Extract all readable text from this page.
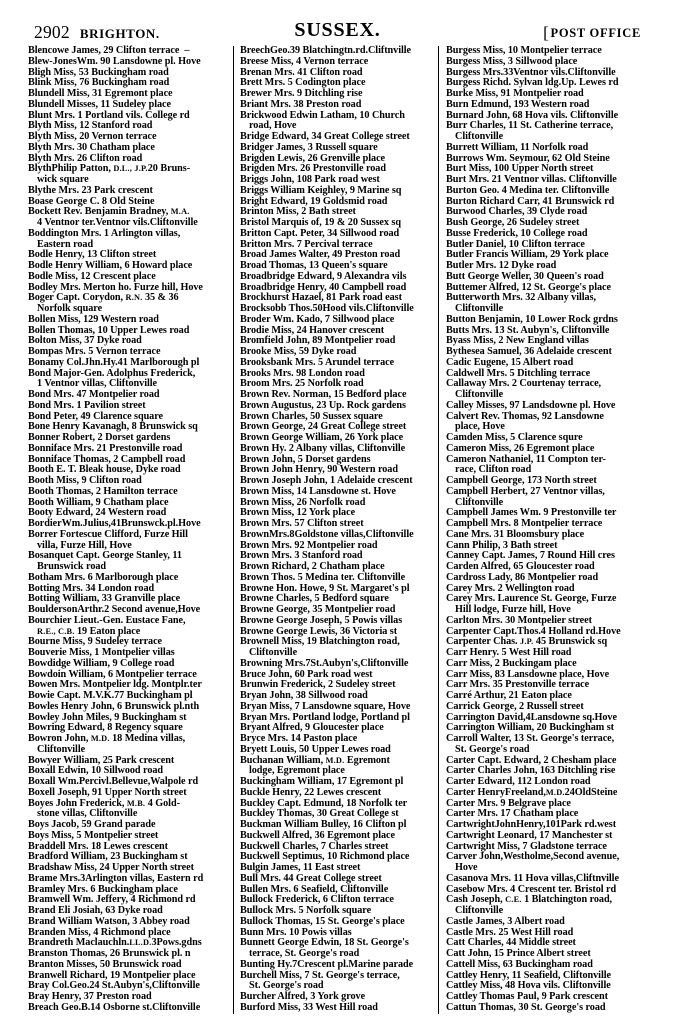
2902 BRIGHTON.	SUSSEX.	[POST OFFICE

Blencowe James, 29 Clifton terrace  –

Blew-JonesWm. 90 Lansdowne pl. Hove

Bligh Miss, 53 Buckingham road

Blink Miss, 76 Buckingham road

Blundell Miss, 31 Egremont place

Blundell Misses, 11 Sudeley place

Blunt Mrs. 1 Portland vils. College rd

Blyth Miss, 12 Stanford road

Blyth Miss, 20 Vernon terrace

Blyth Mrs. 30 Chatham place

Blyth Mrs. 26 Clifton road

BlythPhilip Patton, D.L., J.P.20 Bruns-
wick square

Blythe Mrs. 23 Park crescent

Boase George C. 8 Old Steine

Bockett Rev. Benjamin Bradney, M.A.
4 Ventnor ter.Ventnor vils.Cliftonville

Boddington Mrs. 1 Arlington villas,
Eastern road

Bodle Henry, 13 Clifton street

Bodle Henry William, 6 Howard place

Bodle Miss, 12 Crescent place

Bodley Mrs. Merton ho. Furze hill, Hove

Boger Capt. Corydon, R.N. 35 & 36
Norfolk square

Bollen Miss, 129 Western road

Bollen Thomas, 10 Upper Lewes road

Bolton Miss, 37 Dyke road

Bompas Mrs. 5 Vernon terrace

Bonamy Col.Jhn.Hy.41 Marlborough pl

Bond Major-Gen. Adolphus Frederick,
1 Ventnor villas, Cliftonville

Bond Mrs. 47 Montpelier road

Bond Mrs. 1 Pavilion street

Bond Peter, 49 Clarence square

Bone Henry Kavanagh, 8 Brunswick sq

Bonner Robert, 2 Dorset gardens

Bonniface Mrs. 21 Prestonville road

Bonniface Thomas, 2 Campbell road

Booth E. T. Bleak house, Dyke road

Booth Miss, 9 Clifton road

Booth Thomas, 2 Hamilton terrace

Booth William, 9 Chatham place

Booty Edward, 24 Western road

BordierWm.Julius,41Brunswck.pl.Hove

Borrer Fortescue Clifford, Furze Hill
villa, Furze Hill, Hove

Bosanquet Capt. George Stanley, 11
Brunswick road

Botham Mrs. 6 Marlborough place

Botting Mrs. 34 London road

Botting William, 33 Granville place

BouldersonArthr.2 Second avenue,Hove

Bourchier Lieut.-Gen. Eustace Fane,
R.E., C.B. 19 Eaton place

Bourne Miss, 9 Sudeley terrace

Bouverie Miss, 1 Montpelier villas

Bowdidge William, 9 College road

Bowdoin William, 6 Montpelier terrace

Bowen Mrs. Montpelier ldg. Montplr.ter

Bowie Capt. M.V.K.77 Buckingham pl

Bowles Henry John, 6 Brunswick pl.nth

Bowley John Miles, 9 Buckingham st

Bowring Edward, 8 Regency square

Bowron John, M.D. 18 Medina villas,
Cliftonville

Bowyer William, 25 Park crescent

Boxall Edwin, 10 Sillwood road

Boxall Wm.Percivl.Bellevue,Walpole rd

Boxell Joseph, 91 Upper North street

Boyes John Frederick, M.B. 4 Gold-
stone villas, Cliftonville

Boys Jacob, 59 Grand parade

Boys Miss, 5 Montpelier street

Braddell Mrs. 18 Lewes crescent

Bradford William, 23 Buckingham st

Bradshaw Miss, 24 Upper North street

Brame Mrs.3Arlington villas, Eastern rd

Bramley Mrs. 6 Buckingham place

Bramwell Wm. Jeffery, 4 Richmond rd

Brand Eli Josiah, 63 Dyke road

Brand William Watson, 3 Abbey road

Branden Miss, 4 Richmond place

Brandreth Maclauchln.LL.D.3Pows.gdns

Branston Thomas, 26 Brunswick pl. n

Branton Misses, 50 Brunswick road

Branwell Richard, 19 Montpelier place

Bray Col.Geo.24 St.Aubyn's,Cliftonville

Bray Henry, 37 Preston road

Breach Geo.B.14 Osborne st.Cliftonville

BreechGeo.39 Blatchingtn.rd.Cliftnville

Breese Miss, 4 Vernon terrace

Brenan Mrs. 41 Clifton road

Brett Mrs. 5 Codington place

Brewer Mrs. 9 Ditchling rise

Briant Mrs. 38 Preston road

Brickwood Edwin Latham, 10 Church
road, Hove

Bridge Edward, 34 Great College street

Bridger James, 3 Russell square

Brigden Lewis, 26 Grenville place

Brigden Mrs. 26 Prestonville road

Briggs John, 108 Park road west

Briggs William Keighley, 9 Marine sq

Bright Edward, 19 Goldsmid road

Brinton Miss, 2 Bath street

Bristol Marquis of, 19 & 20 Sussex sq

Britton Capt. Peter, 34 Sillwood road

Britton Mrs. 7 Percival terrace

Broad James Walter, 49 Preston road

Broad Thomas, 13 Queen's square

Broadbridge Edward, 9 Alexandra vils

Broadbridge Henry, 40 Campbell road

Brockhurst Hazael, 81 Park road east

Brocksobb Thos.50Hood vils.Cliftonville

Broder Wm. Kado, 7 Sillwood place

Brodie Miss, 24 Hanover crescent

Bromfield John, 89 Montpelier road

Brooke Miss, 59 Dyke road

Brooksbank Mrs. 5 Arundel terrace

Brooks Mrs. 98 London road

Broom Mrs. 25 Norfolk road

Brown Rev. Norman, 15 Bedford place

Brown Augustus, 23 Up. Rock gardens

Brown Charles, 50 Sussex square

Brown George, 24 Great College street

Brown George William, 26 York place

Brown Hy. 2 Albany villas, Cliftonville

Brown John, 5 Dorset gardens

Brown John Henry, 90 Western road

Brown Joseph John, 1 Adelaide crescent

Brown Miss, 14 Lansdowne st. Hove

Brown Miss, 26 Norfolk road

Brown Miss, 12 York place

Brown Mrs. 57 Clifton street

BrownMrs.8Goldstone villas,Cliftonville

Brown Mrs. 92 Montpelier road

Brown Mrs. 3 Stanford road

Brown Richard, 2 Chatham place

Brown Thos. 5 Medina ter. Cliftonville

Browne Hon. Howe, 9 St. Margaret's pl

Browne Charles, 5 Bedford square

Browne George, 35 Montpelier road

Browne George Joseph, 5 Powis villas

Browne George Lewis, 36 Victoria st

Brownell Miss, 19 Blatchington road,
Cliftonville

Browning Mrs.7St.Aubyn's,Cliftonville

Bruce John, 60 Park road west

Brunwin Frederick, 2 Sudeley street

Bryan John, 38 Sillwood road

Bryan Miss, 7 Lansdowne square, Hove

Bryan Mrs. Portland lodge, Portland pl

Bryant Alfred, 9 Gloucester place

Bryce Mrs. 14 Paston place

Bryett Louis, 50 Upper Lewes road

Buchanan William, M.D. Egremont
lodge, Egremont place

Buckingham William, 17 Egremont pl

Buckle Henry, 22 Lewes crescent

Buckley Capt. Edmund, 18 Norfolk ter

Buckley Thomas, 30 Great College st

Buckman William Bulley, 16 Clifton pl

Buckwell Alfred, 36 Egremont place

Buckwell Charles, 7 Charles street

Buckwell Septimus, 10 Richmond place

Bulgin James, 11 East street

Bull Mrs. 44 Great College street

Bullen Mrs. 6 Seafield, Cliftonville

Bullock Frederick, 6 Clifton terrace

Bullock Mrs. 5 Norfolk square

Bullock Thomas, 15 St. George's place

Bunn Mrs. 10 Powis villas

Bunnett George Edwin, 18 St. George's
terrace, St. George's road

Bunting Hy.7Crescent pl.Marine parade

Burchell Miss, 7 St. George's terrace,
St. George's road

Burcher Alfred, 3 York grove

Burford Miss, 33 West Hill road

Burgess Miss, 10 Montpelier terrace

Burgess Miss, 3 Sillwood place

Burgess Mrs.33Ventnor vils.Cliftonville

Burgess Richd. Sylvan ldg.Up. Lewes rd

Burke Miss, 91 Montpelier road

Burn Edmund, 193 Western road

Burnard John, 68 Hova vils. Cliftonville

Burr Charles, 11 St. Catherine terrace,
Cliftonville

Burrett William, 11 Norfolk road

Burrows Wm. Seymour, 62 Old Steine

Burt Miss, 100 Upper North street

Burt Mrs. 21 Ventnor villas. Cliftonville

Burton Geo. 4 Medina ter. Cliftonville

Burton Richard Carr, 41 Brunswick rd

Burwood Charles, 39 Clyde road

Bush George, 26 Sudeley street

Busse Frederick, 10 College road

Butler Daniel, 10 Clifton terrace

Butler Francis William, 29 York place

Butler Mrs. 12 Dyke road

Butt George Weller, 30 Queen's road

Buttemer Alfred, 12 St. George's place

Butterworth Mrs. 32 Albany villas,
Cliftonville

Button Benjamin, 10 Lower Rock grdns

Butts Mrs. 13 St. Aubyn's, Cliftonville

Byass Miss, 2 New England villas

Bythesea Samuel, 36 Adelaide crescent

Cadic Eugene, 15 Albert road

Caldwell Mrs. 5 Ditchling terrace

Callaway Mrs. 2 Courtenay terrace,
Cliftonville

Calley Misses, 97 Landsdowne pl. Hove

Calvert Rev. Thomas, 92 Lansdowne
place, Hove

Camden Miss, 5 Clarence squre

Cameron Miss, 26 Egremont place

Cameron Nathaniel, 11 Compton ter-
race, Clifton road

Campbell George, 173 North street

Campbell Herbert, 27 Ventnor villas,
Cliftonville

Campbell James Wm. 9 Prestonville ter

Campbell Mrs. 8 Montpelier terrace

Cane Mrs. 31 Bloomsbury place

Cann Philip, 3 Bath street

Canney Capt. James, 7 Round Hill cres

Carden Alfred, 65 Gloucester road

Cardross Lady, 86 Montpelier road

Carey Mrs. 2 Wellington road

Carey Mrs. Laurence St. George, Furze
Hill lodge, Furze hill, Hove

Carlton Mrs. 30 Montpelier street

Carpenter Capt.Thos.4 Holland rd.Hove

Carpenter Chas. J.P. 45 Brunswick sq

Carr Henry. 5 West Hill road

Carr Miss, 2 Buckingam place

Carr Miss, 83 Lansdowne place, Hove

Carr Mrs. 35 Prestonville terrace

Carré Arthur, 21 Eaton place

Carrick George, 2 Russell street

Carrington David,4Lansdowne sq.Hove

Carrington William, 20 Buckingham st

Carroll Walter, 13 St. George's terrace,
St. George's road

Carter Capt. Edward, 2 Chesham place

Carter Charles John, 163 Ditchling rise

Carter Edward, 112 London road

Carter HenryFreeland,M.D.24OldSteine

Carter Mrs. 9 Belgrave place

Carter Mrs. 17 Chatham place

CartwrightJohnHenry,101Park rd.west

Cartwright Leonard, 17 Manchester st

Cartwright Miss, 7 Gladstone terrace

Carver John,Westholme,Second avenue,
Hove

Casanova Mrs. 11 Hova villas,Cliftnville

Casebow Mrs. 4 Crescent ter. Bristol rd

Cash Joseph, C.E. 1 Blatchington road,
Cliftonville

Castle James, 3 Albert road

Castle Mrs. 25 West Hill road

Catt Charles, 44 Middle street

Catt John, 15 Prince Albert street

Cattell Miss, 63 Buckingham road

Cattley Henry, 11 Seafield, Cliftonville

Cattley Miss, 48 Hova vils. Cliftonville

Cattley Thomas Paul, 9 Park crescent

Cattun Thomas, 30 St. George's road
